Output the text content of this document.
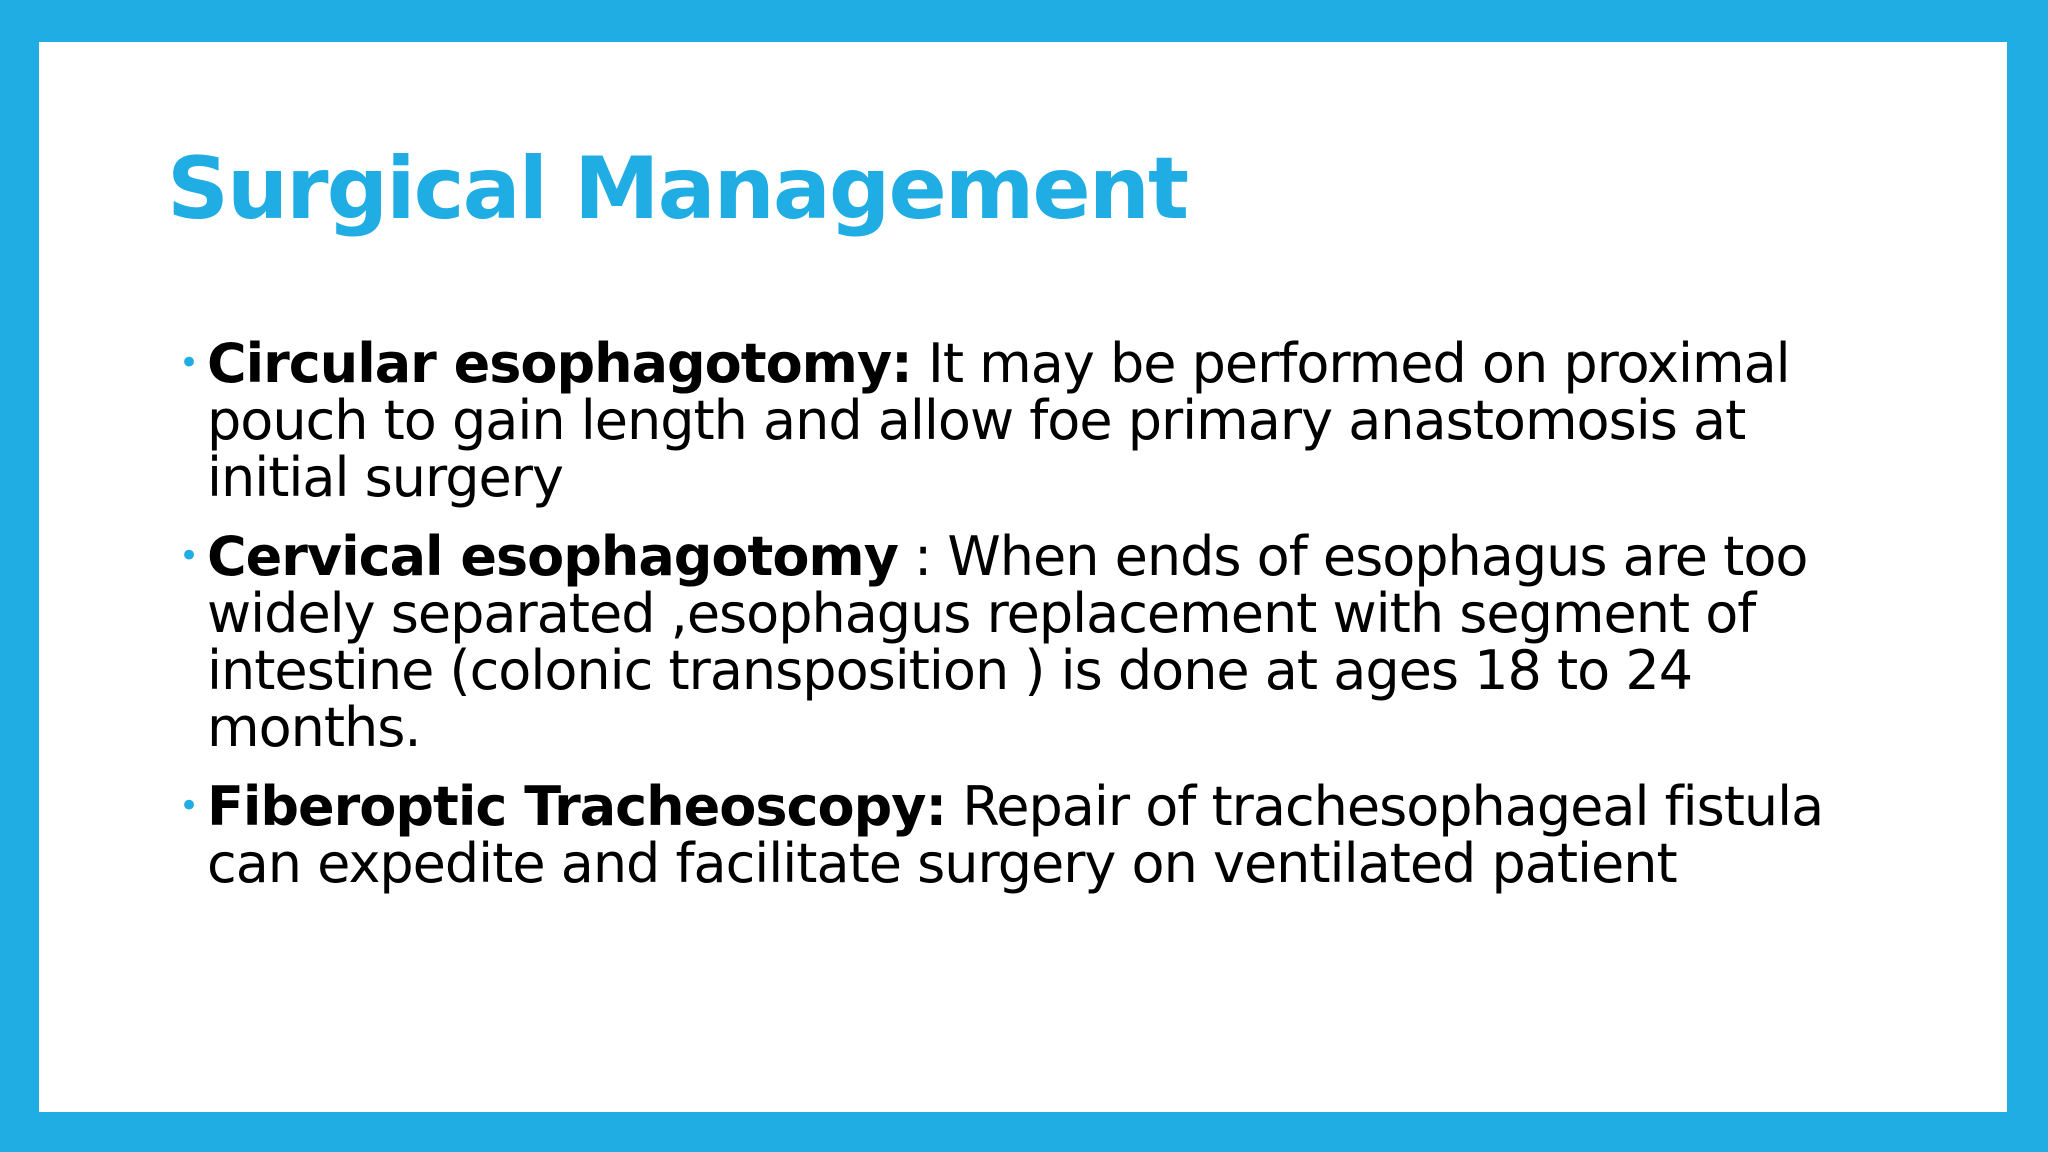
Surgical Management
• Circular esophagotomy: It may be performed on proximal pouch to gain length and allow foe primary anastomosis at initial surgery
• Cervical esophagotomy : When ends of esophagus are too widely separated ,esophagus replacement with segment of intestine (colonic transposition ) is done at ages 18 to 24 months.
• Fiberoptic Tracheoscopy: Repair of trachesophageal fistula can expedite and facilitate surgery on ventilated patient
